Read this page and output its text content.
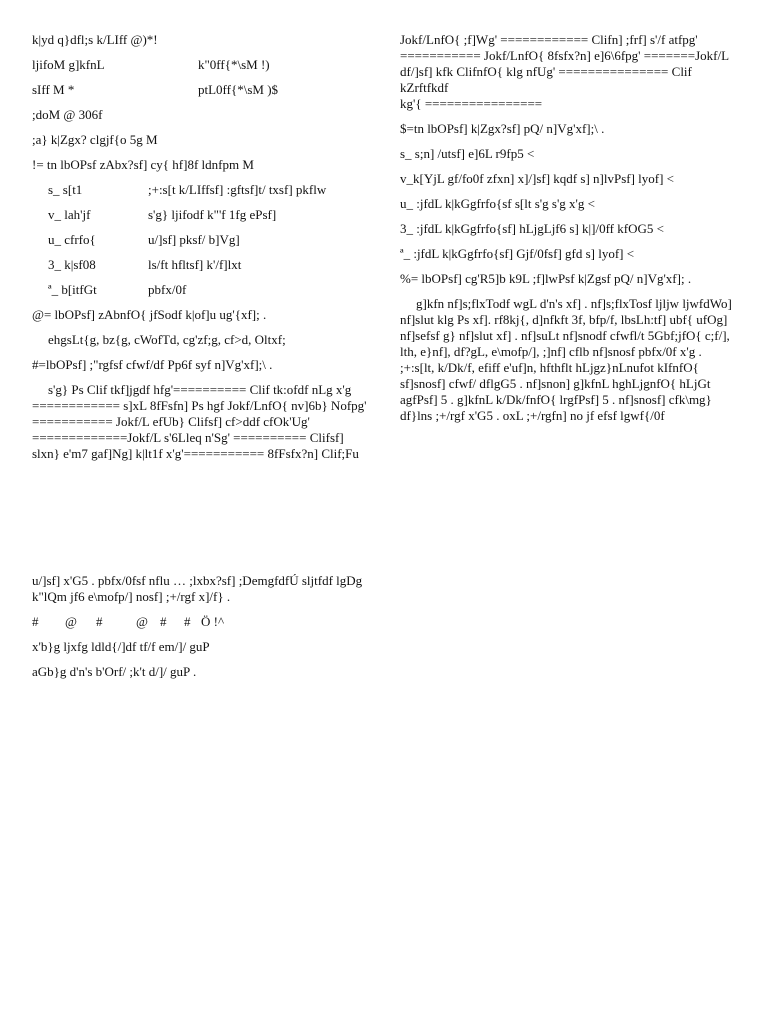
k|yd q}dfl;s k/LIff @)*!
ljifoM g]kfnL	k"0ff{*\sM !)
sIff M *	ptL0ff{*\sM )$
;doM @ 306f
;a} k|Zgx? clgjf{o 5g M
!= tn lbOPsf zAbx?sf] cy{ hf]8f ldnfpm M
s_ s[t1	;+:s[t k/LIffsf] :gftsf]t/ txsf] pkflw
v_ lah'jf	s'g} ljifodf k"'f 1fg ePsf]
u_ cfrfo{	u/]sf] pksf/ b]Vg]
3_ k|sf08	ls/ft hfltsf] k'/f]lxt
ª_ b[itfGt	pbfx/0f
@= lbOPsf] zAbnfO{ jfSodf k|of]u ug'{xf]; .
ehgsLt{g, bz{g, cWofTd, cg'zf;g, cf>d, Oltxf;
#=lbOPsf] ;"rgfsf cfwf/df Pp6f syf n]Vg'xf];\ .
s'g} Ps Clif tkf]jgdf hfg'========== Clif tk:ofdf nLg x'g ============ s]xL 8fFsfn] Ps hgf Jokf/LnfO{ nv]6b} Nofpg' =========== Jokf/L efUb} Clifsf] cf>ddf cfOk'Ug' =============Jokf/L s'6Lleq n'Sg' ========== Clifsf] slxn} e'm7 gaf]Ng] k|lt1f x'g'=========== 8fFsfx?n] Clif;Fu
u/]sf] x'G5 . pbfx/0fsf nflu … ;lxbx?sf] ;DemgfdfÚ sljtfdf lgDg k"lQm jf6 e\mofp/] nosf] ;+/rgf x]/f} .
#	@	#	@ #	# Ö !^
x'b}g ljxfg ldld{/]df tf/f em/]/ guP
aGb}g d'n's b'Orf/ ;k't d/]/ guP .
Jokf/LnfO{ ;f]Wg' ============ Clifn] ;frf] s'/f atfpg' =========== Jokf/LnfO{ 8fsfx?n] e]6\6fpg' =======Jokf/L df/]sf] kfk ClifnfO{ klg nfUg' =============== Clif kZrftfkdf
kg'{ ================
$=tn lbOPsf] k|Zgx?sf] pQ/ n]Vg'xf];\ .
s_ s;n] /utsf] e]6L r9fp5 <
v_k[YjL gf/fo0f zfxn] x]/]sf] kqdf s] n]lvPsf] lyof] <
u_ :jfdL k|kGgfrfo{sf s[lt s'g s'g x'g <
3_ :jfdL k|kGgfrfo{sf] hLjgLjf6 s] k|]/0ff kfOG5 <
ª_ :jfdL k|kGgfrfo{sf] Gjf/0fsf] gfd s] lyof] <
%= lbOPsf] cg'R5]b k9L ;f]lwPsf k|Zgsf pQ/ n]Vg'xf]; .
g]kfn nf]s;flxTodf wgL d'n's xf] . nf]s;flxTosf ljljw ljwfdWo] nf]slut klg Ps xf]. rf8kj{, d]nfkft 3f, bfp/f, lbsLh:tf] ubf{ ufOg] nf]sefsf g} nf]slut xf] . nf]suLt nf]snodf cfwfl/t 5Gbf;jfO{ c;f/], lth, e}nf], df?gL, e\mofp/], ;]nf] cflb nf]snosf pbfx/0f x'g . ;+:s[lt, k/Dk/f, efiff e'uf]n, hfthflt hLjgz}nLnufot kIfnfO{ sf]snosf] cfwf/ dflgG5 . nf]snon] g]kfnL hghLjgnfO{ hLjGt agfPsf] 5 . g]kfnL k/Dk/fnfO{ lrgfPsf] 5 . nf]snosf] cfk\mg} df}lns ;+/rgf x'G5 . oxL ;+/rgfn] no jf efsf lgwf{/0f
